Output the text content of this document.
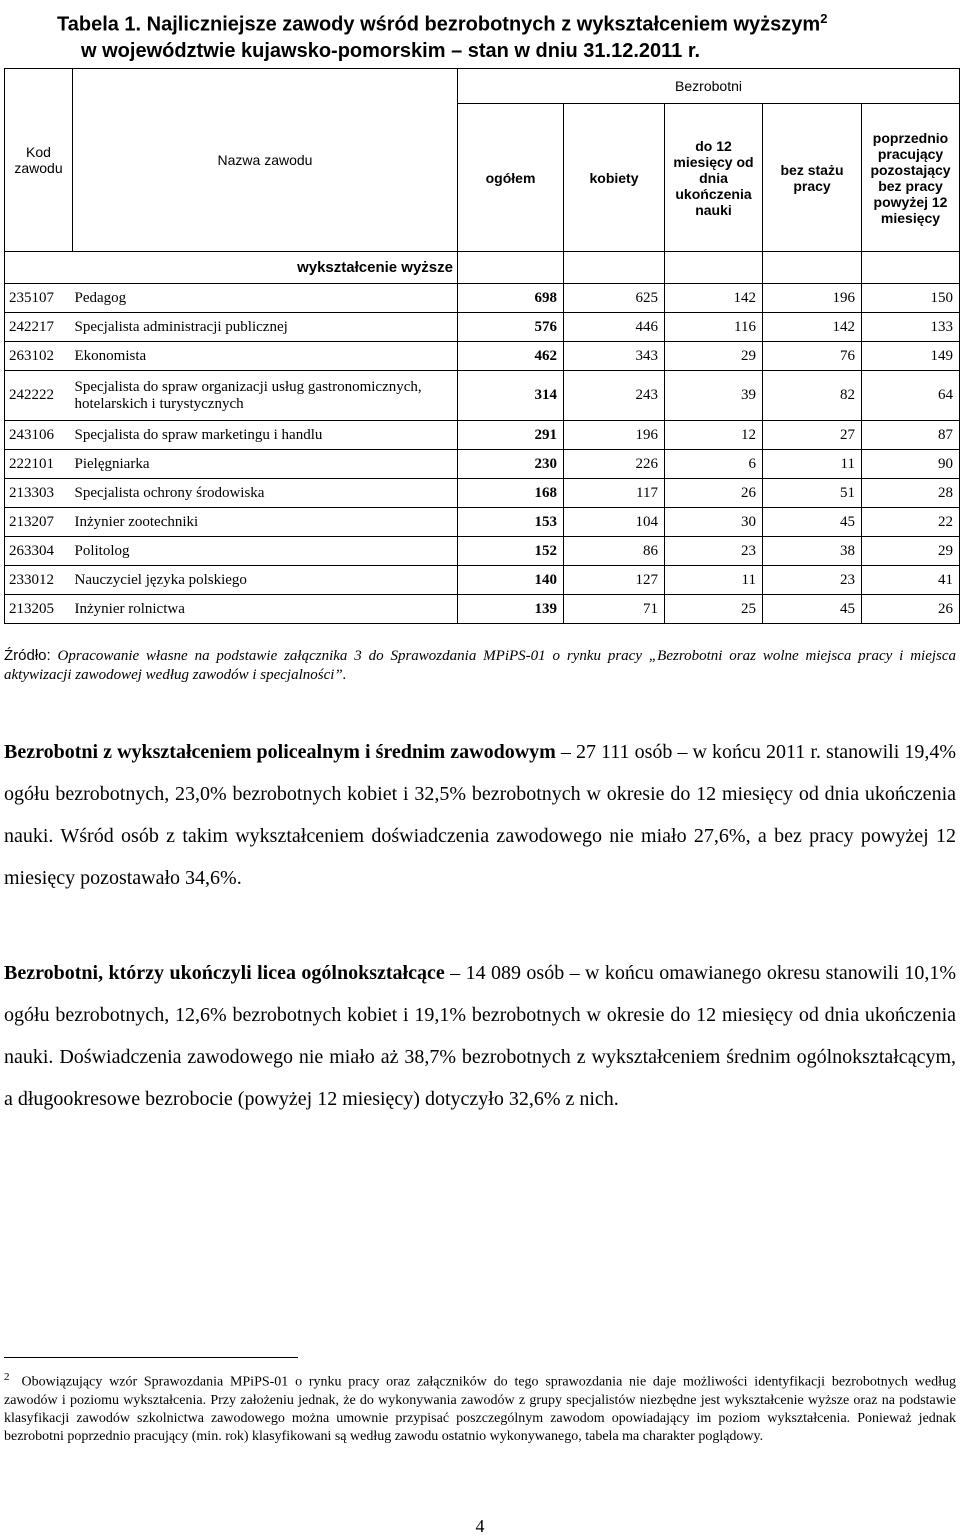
Tabela 1. Najliczniejsze zawody wśród bezrobotnych z wykształceniem wyższym$^2$
w województwie kujawsko-pomorskim – stan w dniu 31.12.2011 r.
Kod zawodu	Nazwa zawodu	Bezrobotni				
		ogółem	kobiety	do 12 miesięcy od dnia ukończenia nauki	bez stażu pracy	poprzednio pracujący pozostający bez pracy powyżej 12 miesięcy
wykształcenie wyższe						
235107	Pedagog	698	625	142	196	150
242217	Specjalista administracji publicznej	576	446	116	142	133
263102	Ekonomista	462	343	29	76	149
242222	Specjalista do spraw organizacji usług gastronomicznych, hotelarskich i turystycznych	314	243	39	82	64
243106	Specjalista do spraw marketingu i handlu	291	196	12	27	87
222101	Pielęgniarka	230	226	6	11	90
213303	Specjalista ochrony środowiska	168	117	26	51	28
213207	Inżynier zootechniki	153	104	30	45	22
263304	Politolog	152	86	23	38	29
233012	Nauczyciel języka polskiego	140	127	11	23	41
213205	Inżynier rolnictwa	139	71	25	45	26
Źródło: Opracowanie własne na podstawie załącznika 3 do Sprawozdania MPiPS-01 o rynku pracy „Bezrobotni oraz wolne miejsca pracy i miejsca aktywizacji zawodowej według zawodów i specjalności”.
Bezrobotni z wykształceniem policealnym i średnim zawodowym – 27 111 osób – w końcu 2011 r. stanowili 19,4% ogółu bezrobotnych, 23,0% bezrobotnych kobiet i 32,5% bezrobotnych w okresie do 12 miesięcy od dnia ukończenia nauki. Wśród osób z takim wykształceniem doświadczenia zawodowego nie miało 27,6%, a bez pracy powyżej 12 miesięcy pozostawało 34,6%.
Bezrobotni, którzy ukończyli licea ogólnokształcące – 14 089 osób – w końcu omawianego okresu stanowili 10,1% ogółu bezrobotnych, 12,6% bezrobotnych kobiet i 19,1% bezrobotnych w okresie do 12 miesięcy od dnia ukończenia nauki. Doświadczenia zawodowego nie miało aż 38,7% bezrobotnych z wykształceniem średnim ogólnokształcącym, a długookresowe bezrobocie (powyżej 12 miesięcy) dotyczyło 32,6% z nich.
$^2$ Obowiązujący wzór Sprawozdania MPiPS-01 o rynku pracy oraz załączników do tego sprawozdania nie daje możliwości identyfikacji bezrobotnych według zawodów i poziomu wykształcenia. Przy założeniu jednak, że do wykonywania zawodów z grupy specjalistów niezbędne jest wykształcenie wyższe oraz na podstawie klasyfikacji zawodów szkolnictwa zawodowego można umownie przypisać poszczególnym zawodom opowiadający im poziom wykształcenia. Ponieważ jednak bezrobotni poprzednio pracujący (min. rok) klasyfikowani są według zawodu ostatnio wykonywanego, tabela ma charakter poglądowy.
4
